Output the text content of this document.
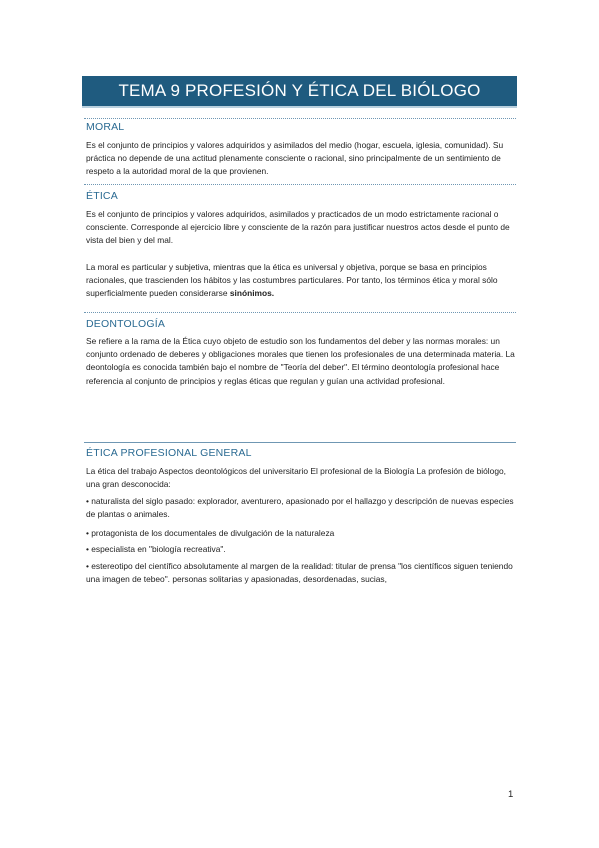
TEMA 9 PROFESIÓN Y ÉTICA DEL BIÓLOGO
MORAL

Es el conjunto de principios y valores adquiridos y asimilados del medio (hogar, escuela, iglesia, comunidad). Su práctica no depende de una actitud plenamente consciente o racional, sino principalmente de un sentimiento de respeto a la autoridad moral de la que provienen.

ÉTICA

Es el conjunto de principios y valores adquiridos, asimilados y practicados de un modo estrictamente racional o consciente. Corresponde al ejercicio libre y consciente de la razón para justificar nuestros actos desde el punto de vista del bien y del mal.

La moral es particular y subjetiva, mientras que la ética es universal y objetiva, porque se basa en principios racionales, que trascienden los hábitos y las costumbres particulares. Por tanto, los términos ética y moral sólo superficialmente pueden considerarse sinónimos.

DEONTOLOGÍA

Se refiere a la rama de la Ética cuyo objeto de estudio son los fundamentos del deber y las normas morales: un conjunto ordenado de deberes y obligaciones morales que tienen los profesionales de una determinada materia. La deontología es conocida también bajo el nombre de "Teoría del deber". El término deontología profesional hace referencia al conjunto de principios y reglas éticas que regulan y guían una actividad profesional.

ÉTICA PROFESIONAL GENERAL

La ética del trabajo Aspectos deontológicos del universitario El profesional de la Biología La profesión de biólogo, una gran desconocida:

• naturalista del siglo pasado: explorador, aventurero, apasionado por el hallazgo y descripción de nuevas especies de plantas o animales.

• protagonista de los documentales de divulgación de la naturaleza

• especialista en "biología recreativa".

• estereotipo del científico absolutamente al margen de la realidad: titular de prensa "los científicos siguen teniendo una imagen de tebeo". personas solitarias y apasionadas, desordenadas, sucias,

1
